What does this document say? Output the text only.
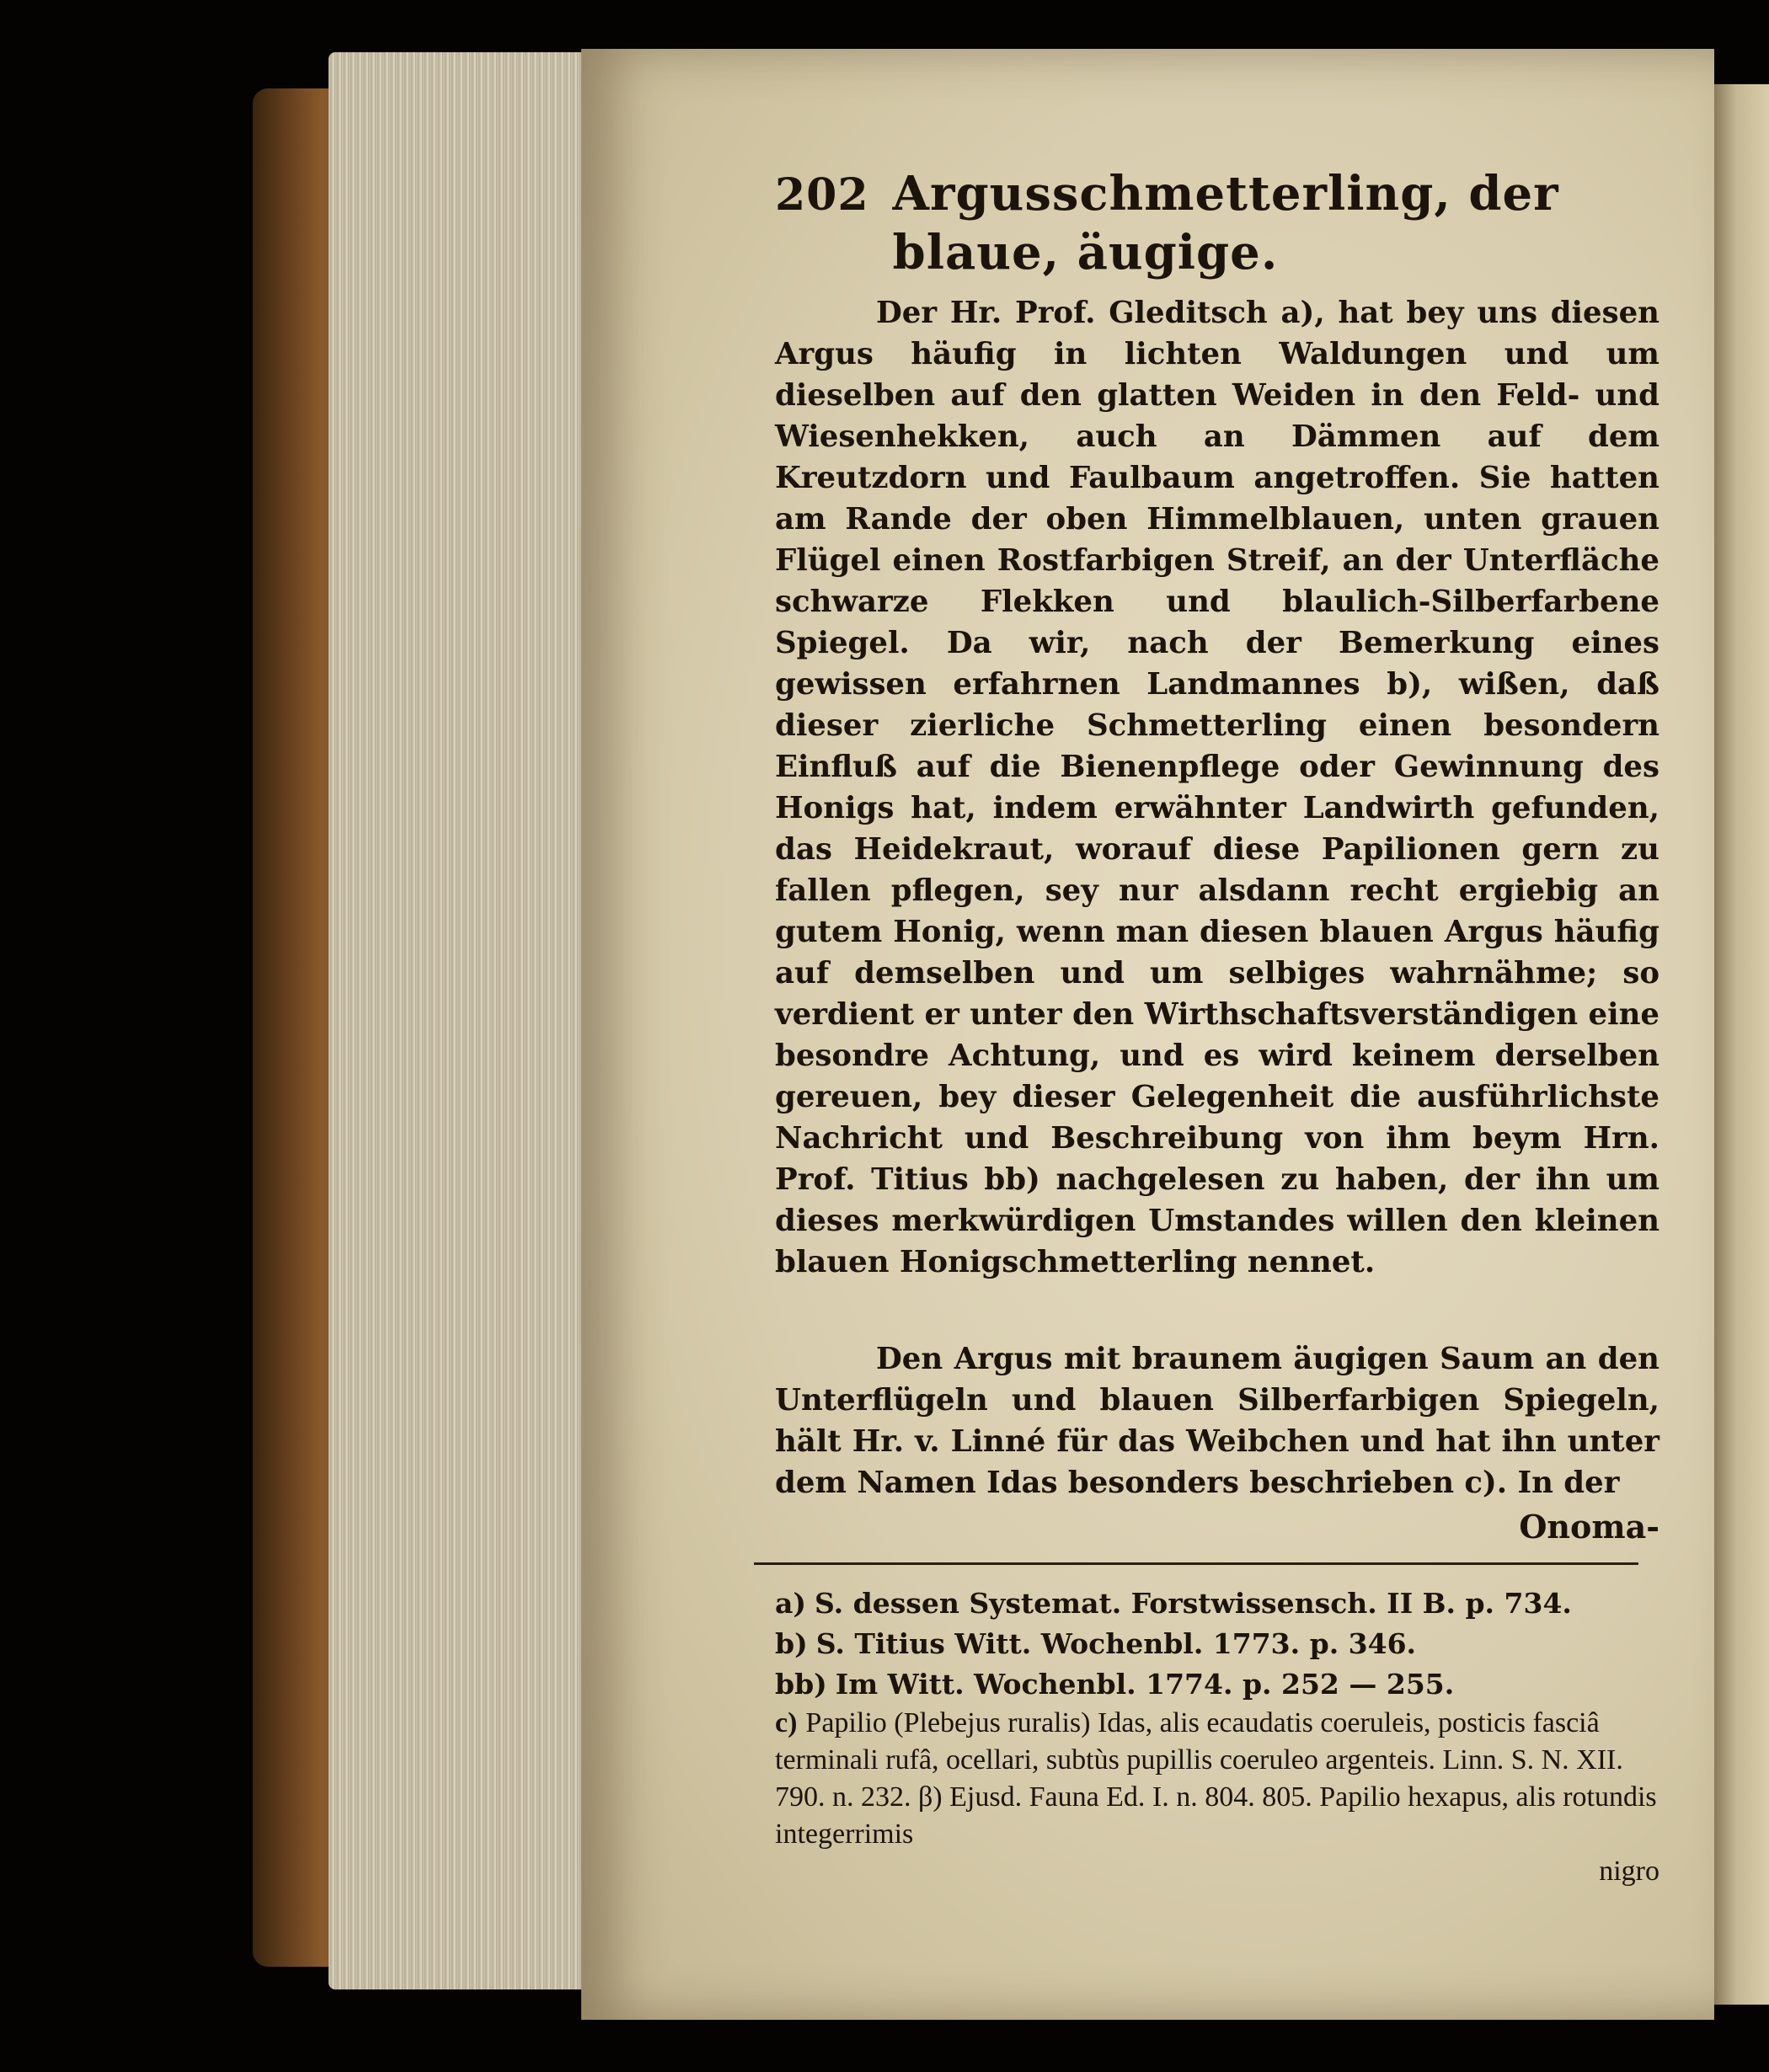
202 Argusschmetterling, der blaue, äugige.

Der Hr. Prof. Gleditsch a), hat bey uns diesen Argus häufig in lichten Waldungen und um dieselben auf den glatten Weiden in den Feld- und Wiesenhekken, auch an Dämmen auf dem Kreutzdorn und Faulbaum angetroffen. Sie hatten am Rande der oben Himmelblauen, unten grauen Flügel einen Rostfarbigen Streif, an der Unterfläche schwarze Flekken und blaulich-Silberfarbene Spiegel. Da wir, nach der Bemerkung eines gewissen erfahrnen Landmannes b), wißen, daß dieser zierliche Schmetterling einen besondern Einfluß auf die Bienenpflege oder Gewinnung des Honigs hat, indem erwähnter Landwirth gefunden, das Heidekraut, worauf diese Papilionen gern zu fallen pflegen, sey nur alsdann recht ergiebig an gutem Honig, wenn man diesen blauen Argus häufig auf demselben und um selbiges wahrnähme; so verdient er unter den Wirthschaftsverständigen eine besondre Achtung, und es wird keinem derselben gereuen, bey dieser Gelegenheit die ausführlichste Nachricht und Beschreibung von ihm beym Hrn. Prof. Titius bb) nachgelesen zu haben, der ihn um dieses merkwürdigen Umstandes willen den kleinen blauen Honigschmetterling nennet.

Den Argus mit braunem äugigen Saum an den Unterflügeln und blauen Silberfarbigen Spiegeln, hält Hr. v. Linné für das Weibchen und hat ihn unter dem Namen Idas besonders beschrieben c). In der

Onoma-

a) S. dessen Systemat. Forstwissensch. II B. p. 734.

b) S. Titius Witt. Wochenbl. 1773. p. 346.

bb) Im Witt. Wochenbl. 1774. p. 252 — 255.

c) Papilio (Plebejus ruralis) Idas, alis ecaudatis coeruleis, posticis fasciâ terminali rufâ, ocellari, subtùs pupillis coeruleo argenteis. Linn. S. N. XII. 790. n. 232. β) Ejusd. Fauna Ed. I. n. 804. 805. Papilio hexapus, alis rotundis integerrimis

nigro
